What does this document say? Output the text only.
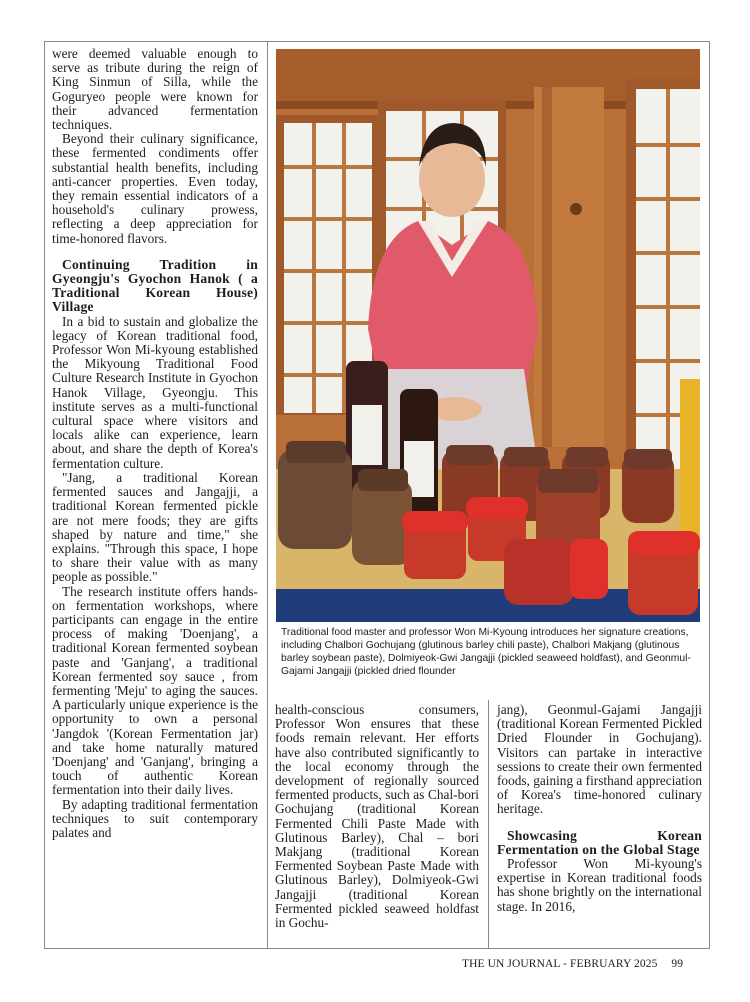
were deemed valuable enough to serve as tribute during the reign of King Sinmun of Silla, while the Goguryeo people were known for their advanced fermentation techniques.

Beyond their culinary significance, these fermented condiments offer substantial health benefits, including anti-cancer properties. Even today, they remain essential indicators of a household's culinary prowess, reflecting a deep appreciation for time-honored flavors.

Continuing Tradition in Gyeongju's Gyochon Hanok ( a Traditional Korean House) Village

In a bid to sustain and globalize the legacy of Korean traditional food, Professor Won Mi-kyoung established the Mikyoung Traditional Food Culture Research Institute in Gyochon Hanok Village, Gyeongju. This institute serves as a multi-functional cultural space where visitors and locals alike can experience, learn about, and share the depth of Korea's fermentation culture.

"Jang, a traditional Korean fermented sauces and Jangajji, a traditional Korean fermented pickle are not mere foods; they are gifts shaped by nature and time," she explains. "Through this space, I hope to share their value with as many people as possible."

The research institute offers hands-on fermentation workshops, where participants can engage in the entire process of making 'Doenjang', a traditional Korean fermented soybean paste and 'Ganjang', a traditional Korean fermented soy sauce , from fermenting 'Meju' to aging the sauces. A particularly unique experience is the opportunity to own a personal 'Jangdok '(Korean Fermentation jar) and take home naturally matured 'Doenjang' and 'Ganjang', bringing a touch of authentic Korean fermentation into their daily lives.

By adapting traditional fermentation techniques to suit contemporary palates and

Traditional food master and professor Won Mi-Kyoung introduces her signature creations, including Chalbori Gochujang (glutinous barley chili paste), Chalbori Makjang (glutinous barley soybean paste), Dolmiyeok-Gwi Jangajji (pickled seaweed holdfast), and Geonmul-Gajami Jangajji (pickled dried flounder

health-conscious consumers, Professor Won ensures that these foods remain relevant. Her efforts have also contributed significantly to the local economy through the development of regionally sourced fermented products, such as Chal-bori Gochujang (traditional Korean Fermented Chili Paste Made with Glutinous Barley), Chal – bori Makjang (traditional Korean Fermented Soybean Paste Made with Glutinous Barley), Dolmiyeok-Gwi Jangajji (traditional Korean Fermented pickled seaweed holdfast in Gochu-

jang), Geonmul-Gajami Jangajji (traditional Korean Fermented Pickled Dried Flounder in Gochujang). Visitors can partake in interactive sessions to create their own fermented foods, gaining a firsthand appreciation of Korea's time-honored culinary heritage.

Showcasing Korean Fermentation on the Global Stage

Professor Won Mi-kyoung's expertise in Korean traditional foods has shone brightly on the international stage. In 2016,

THE UN JOURNAL - FEBRUARY 2025 99
